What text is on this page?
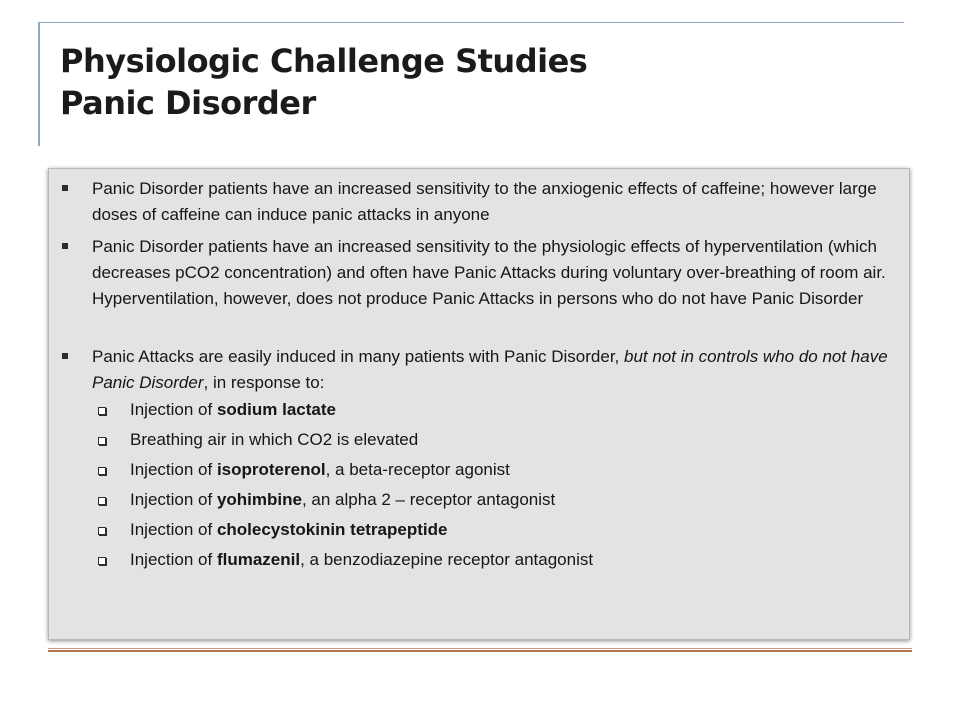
Physiologic Challenge Studies
Panic Disorder
Panic Disorder patients have an increased sensitivity to the anxiogenic effects of caffeine; however large doses of caffeine can induce panic attacks in anyone
Panic Disorder patients have an increased sensitivity to the physiologic effects of hyperventilation (which decreases pCO2 concentration) and often have Panic Attacks during voluntary over-breathing of room air. Hyperventilation, however, does not produce Panic Attacks in persons who do not have Panic Disorder
Panic Attacks are easily induced in many patients with Panic Disorder, but not in controls who do not have Panic Disorder, in response to:
Injection of sodium lactate
Breathing air in which CO2 is elevated
Injection of isoproterenol, a beta-receptor agonist
Injection of yohimbine, an alpha 2 – receptor antagonist
Injection of cholecystokinin tetrapeptide
Injection of flumazenil, a benzodiazepine receptor antagonist
